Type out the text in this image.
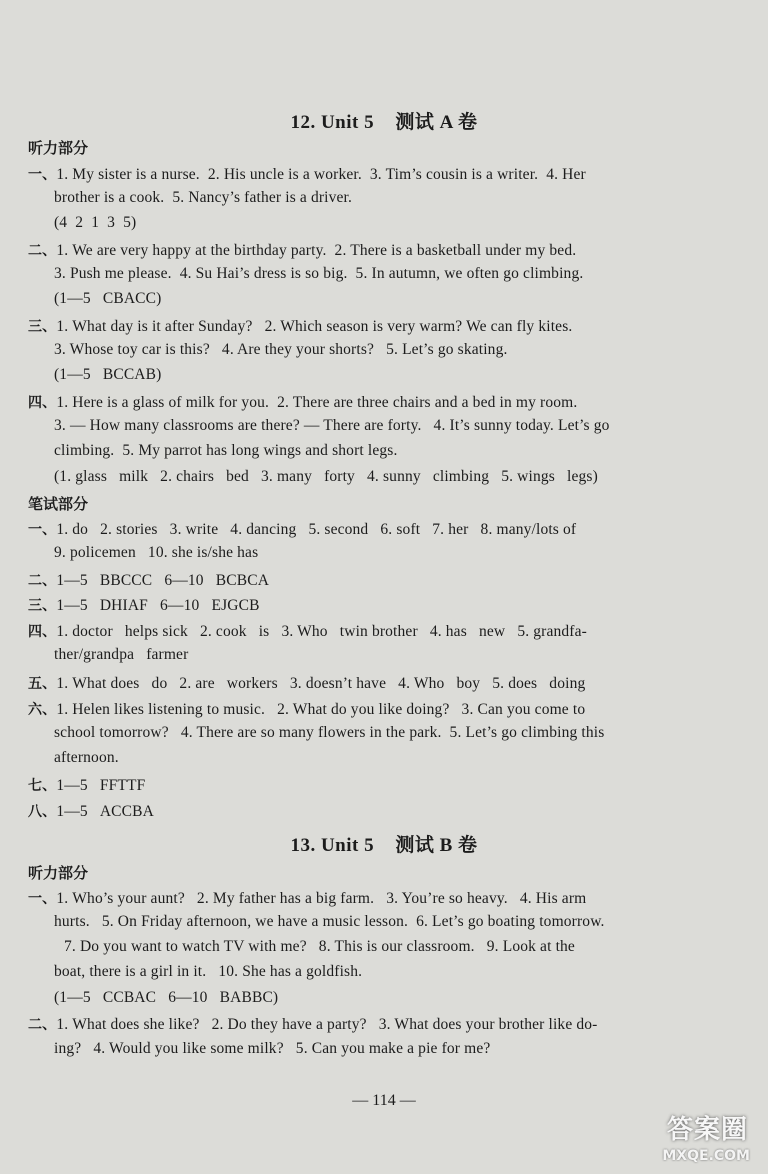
12. Unit 5 测试 A 卷
听力部分
一、1. My sister is a nurse.  2. His uncle is a worker.  3. Tim’s cousin is a writer.  4. Her
brother is a cook.  5. Nancy’s father is a driver.
(4  2  1  3  5)
二、1. We are very happy at the birthday party.  2. There is a basketball under my bed.
3. Push me please.  4. Su Hai’s dress is so big.  5. In autumn, we often go climbing.
(1—5   CBACC)
三、1. What day is it after Sunday?   2. Which season is very warm? We can fly kites.
3. Whose toy car is this?   4. Are they your shorts?   5. Let’s go skating.
(1—5   BCCAB)
四、1. Here is a glass of milk for you.  2. There are three chairs and a bed in my room.
3. — How many classrooms are there? — There are forty.   4. It’s sunny today. Let’s go
climbing.  5. My parrot has long wings and short legs.
(1. glass   milk   2. chairs   bed   3. many   forty   4. sunny   climbing   5. wings   legs)
笔试部分
一、1. do   2. stories   3. write   4. dancing   5. second   6. soft   7. her   8. many/lots of
9. policemen   10. she is/she has
二、1—5   BBCCC   6—10   BCBCA
三、1—5   DHIAF   6—10   EJGCB
四、1. doctor   helps sick   2. cook   is   3. Who   twin brother   4. has   new   5. grandfa-
ther/grandpa   farmer
五、1. What does   do   2. are   workers   3. doesn’t have   4. Who   boy   5. does   doing
六、1. Helen likes listening to music.   2. What do you like doing?   3. Can you come to
school tomorrow?   4. There are so many flowers in the park.  5. Let’s go climbing this
afternoon.
七、1—5   FFTTF
八、1—5   ACCBA
13. Unit 5 测试 B 卷
听力部分
一、1. Who’s your aunt?   2. My father has a big farm.   3. You’re so heavy.   4. His arm
hurts.   5. On Friday afternoon, we have a music lesson.  6. Let’s go boating tomorrow.
7. Do you want to watch TV with me?   8. This is our classroom.   9. Look at the
boat, there is a girl in it.   10. She has a goldfish.
(1—5   CCBAC   6—10   BABBC)
二、1. What does she like?   2. Do they have a party?   3. What does your brother like do-
ing?   4. Would you like some milk?   5. Can you make a pie for me?
— 114 —
答案圈
MXQE.COM
